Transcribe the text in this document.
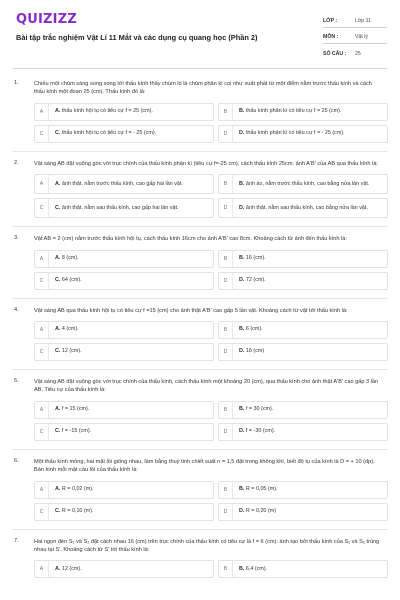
QUIZIZZ
Bài tập trắc nghiệm Vật Lí 11 Mắt và các dụng cụ quang học (Phần 2)
LỚP :	Lớp 11
MÔN :	Vật lý
SỐ CÂU :	25
1.	Chiếu một chùm sáng song song tới thấu kính thấy chùm ló là chùm phân kì coi như xuất phát từ một điểm nằm trước thấu kính và cách thấu kính một đoạn 25 (cm). Thấu kính đó là:
A	A. thấu kính hội tụ có tiêu cự f = 25 (cm).	B	B. thấu kính phân kì có tiêu cự f = 25 (cm).
C	C. thấu kính hội tụ có tiêu cự f = - 25 (cm).	D	D. thấu kính phân kì có tiêu cự f = - 25 (cm).
2.	Vật sáng AB đặt vuông góc với trục chính của thấu kính phân kì (tiêu cự f=-25 cm), cách thấu kính 25cm. ảnh A'B' của AB qua thấu kính là:
A	A. ảnh thật, nằm trước thấu kính, cao gấp hai lần vật.	B	B. ảnh ảo, nằm trước thấu kính, cao bằng nửa lần vật.
C	C. ảnh thật, nằm sau thấu kính, cao gấp hai lần vật.	D	D. ảnh thật, nằm sau thấu kính, cao bằng nửa lần vật.
3.	Vật AB = 2 (cm) nằm trước thấu kính hội tụ, cách thấu kính 16cm cho ảnh A'B' cao 8cm. Khoảng cách từ ảnh đến thấu kính là:
A	A. 8 (cm).	B	B. 16 (cm).
C	C. 64 (cm).	D	D. 72 (cm).
4.	Vật sáng AB qua thấu kính hội tụ có tiêu cự f =15 (cm) cho ảnh thật A'B' cao gấp 5 lần vật. Khoảng cách từ vật tới thấu kính là:
A	A. 4 (cm).	B	B. 6 (cm).
C	C. 12 (cm).	D	D. 18 (cm)
5.	Vật sáng AB đặt vuông góc với trục chính của thấu kính, cách thấu kính một khoảng 20 (cm), qua thấu kính cho ảnh thật A'B' cao gấp 3 lần AB. Tiêu cự của thấu kính là:
A	A. f = 15 (cm).	B	B. f = 30 (cm).
C	C. f = -15 (cm).	D	D. f = -30 (cm).
6.	Một thấu kính mỏng, hai mặt lồi giống nhau, làm bằng thuỷ tinh chiết suất n = 1,5 đặt trong không khí, biết độ tụ của kính là D = + 10 (dp). Bán kính mỗi mặt cầu lồi của thấu kính là:
A	A. R = 0,02 (m).	B	B. R = 0,05 (m).
C	C. R = 0,10 (m).	D	D. R = 0,20 (m)
7.	Hai ngọn đèn S₁ và S₂ đặt cách nhau 16 (cm) trên trục chính của thấu kính có tiêu cự là f = 6 (cm). ảnh tạo bởi thấu kính của S₁ và S₂ trùng nhau tại S'. Khoảng cách từ S' tới thấu kính là:
A	A. 12 (cm).	B	B. 6,4 (cm).
